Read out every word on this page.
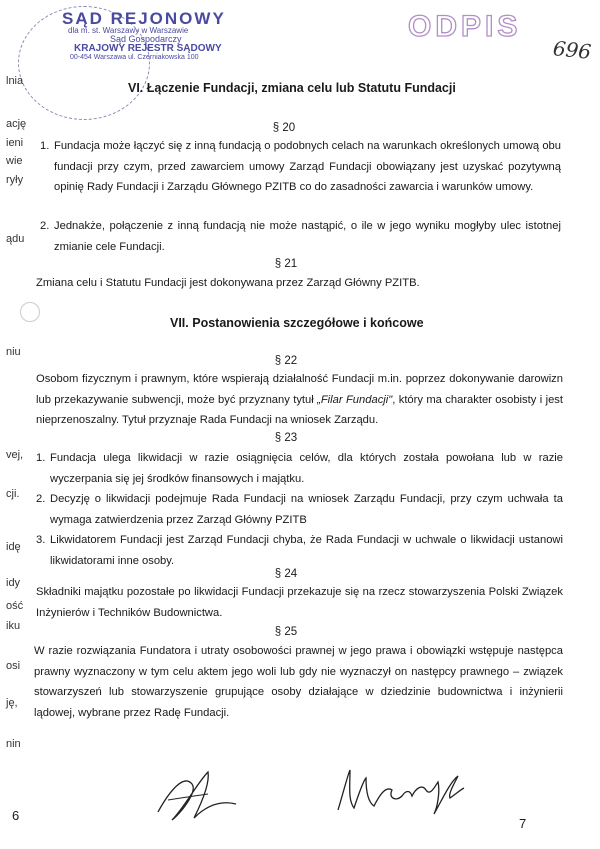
SĄD REJONOWY
dla m. st. Warszawy w Warszawie
Sąd Gospodarczy
KRAJOWY REJESTR SĄDOWY
00-454 Warszawa ul. Czerniakowska 100
ODPIS
696
lnia
ację
ieni
wie
ryły
ądu
niu
vej,
cji.
idę
idy
ość
iku
osi
ję,
nin
VI. Łączenie Fundacji, zmiana celu lub Statutu Fundacji
§ 20
1. Fundacja może łączyć się z inną fundacją o podobnych celach na warunkach określonych umową obu fundacji przy czym, przed zawarciem umowy Zarząd Fundacji obowiązany jest uzyskać pozytywną opinię Rady Fundacji i Zarządu Głównego PZITB co do zasadności zawarcia i warunków umowy.
2. Jednakże, połączenie z inną fundacją nie może nastąpić, o ile w jego wyniku mogłyby ulec istotnej zmianie cele Fundacji.
§ 21
Zmiana celu i Statutu Fundacji jest dokonywana przez Zarząd Główny PZITB.
VII. Postanowienia szczegółowe i końcowe
§ 22
Osobom fizycznym i prawnym, które wspierają działalność Fundacji m.in. poprzez dokonywanie darowizn lub przekazywanie subwencji, może być przyznany tytuł „Filar Fundacji", który ma charakter osobisty i jest nieprzenoszalny. Tytuł przyznaje Rada Fundacji na wniosek Zarządu.
§ 23
1. Fundacja ulega likwidacji w razie osiągnięcia celów, dla których została powołana lub w razie wyczerpania się jej środków finansowych i majątku.
2. Decyzję o likwidacji podejmuje Rada Fundacji na wniosek Zarządu Fundacji, przy czym uchwała ta wymaga zatwierdzenia przez Zarząd Główny PZITB
3. Likwidatorem Fundacji jest Zarząd Fundacji chyba, że Rada Fundacji w uchwale o likwidacji ustanowi likwidatorami inne osoby.
§ 24
Składniki majątku pozostałe po likwidacji Fundacji przekazuje się na rzecz stowarzyszenia Polski Związek Inżynierów i Techników Budownictwa.
§ 25
W razie rozwiązania Fundatora i utraty osobowości prawnej w jego prawa i obowiązki wstępuje następca prawny wyznaczony w tym celu aktem jego woli lub gdy nie wyznaczył on następcy prawnego – związek stowarzyszeń lub stowarzyszenie grupujące osoby działające w dziedzinie budownictwa i inżynierii lądowej, wybrane przez Radę Fundacji.
6
7
